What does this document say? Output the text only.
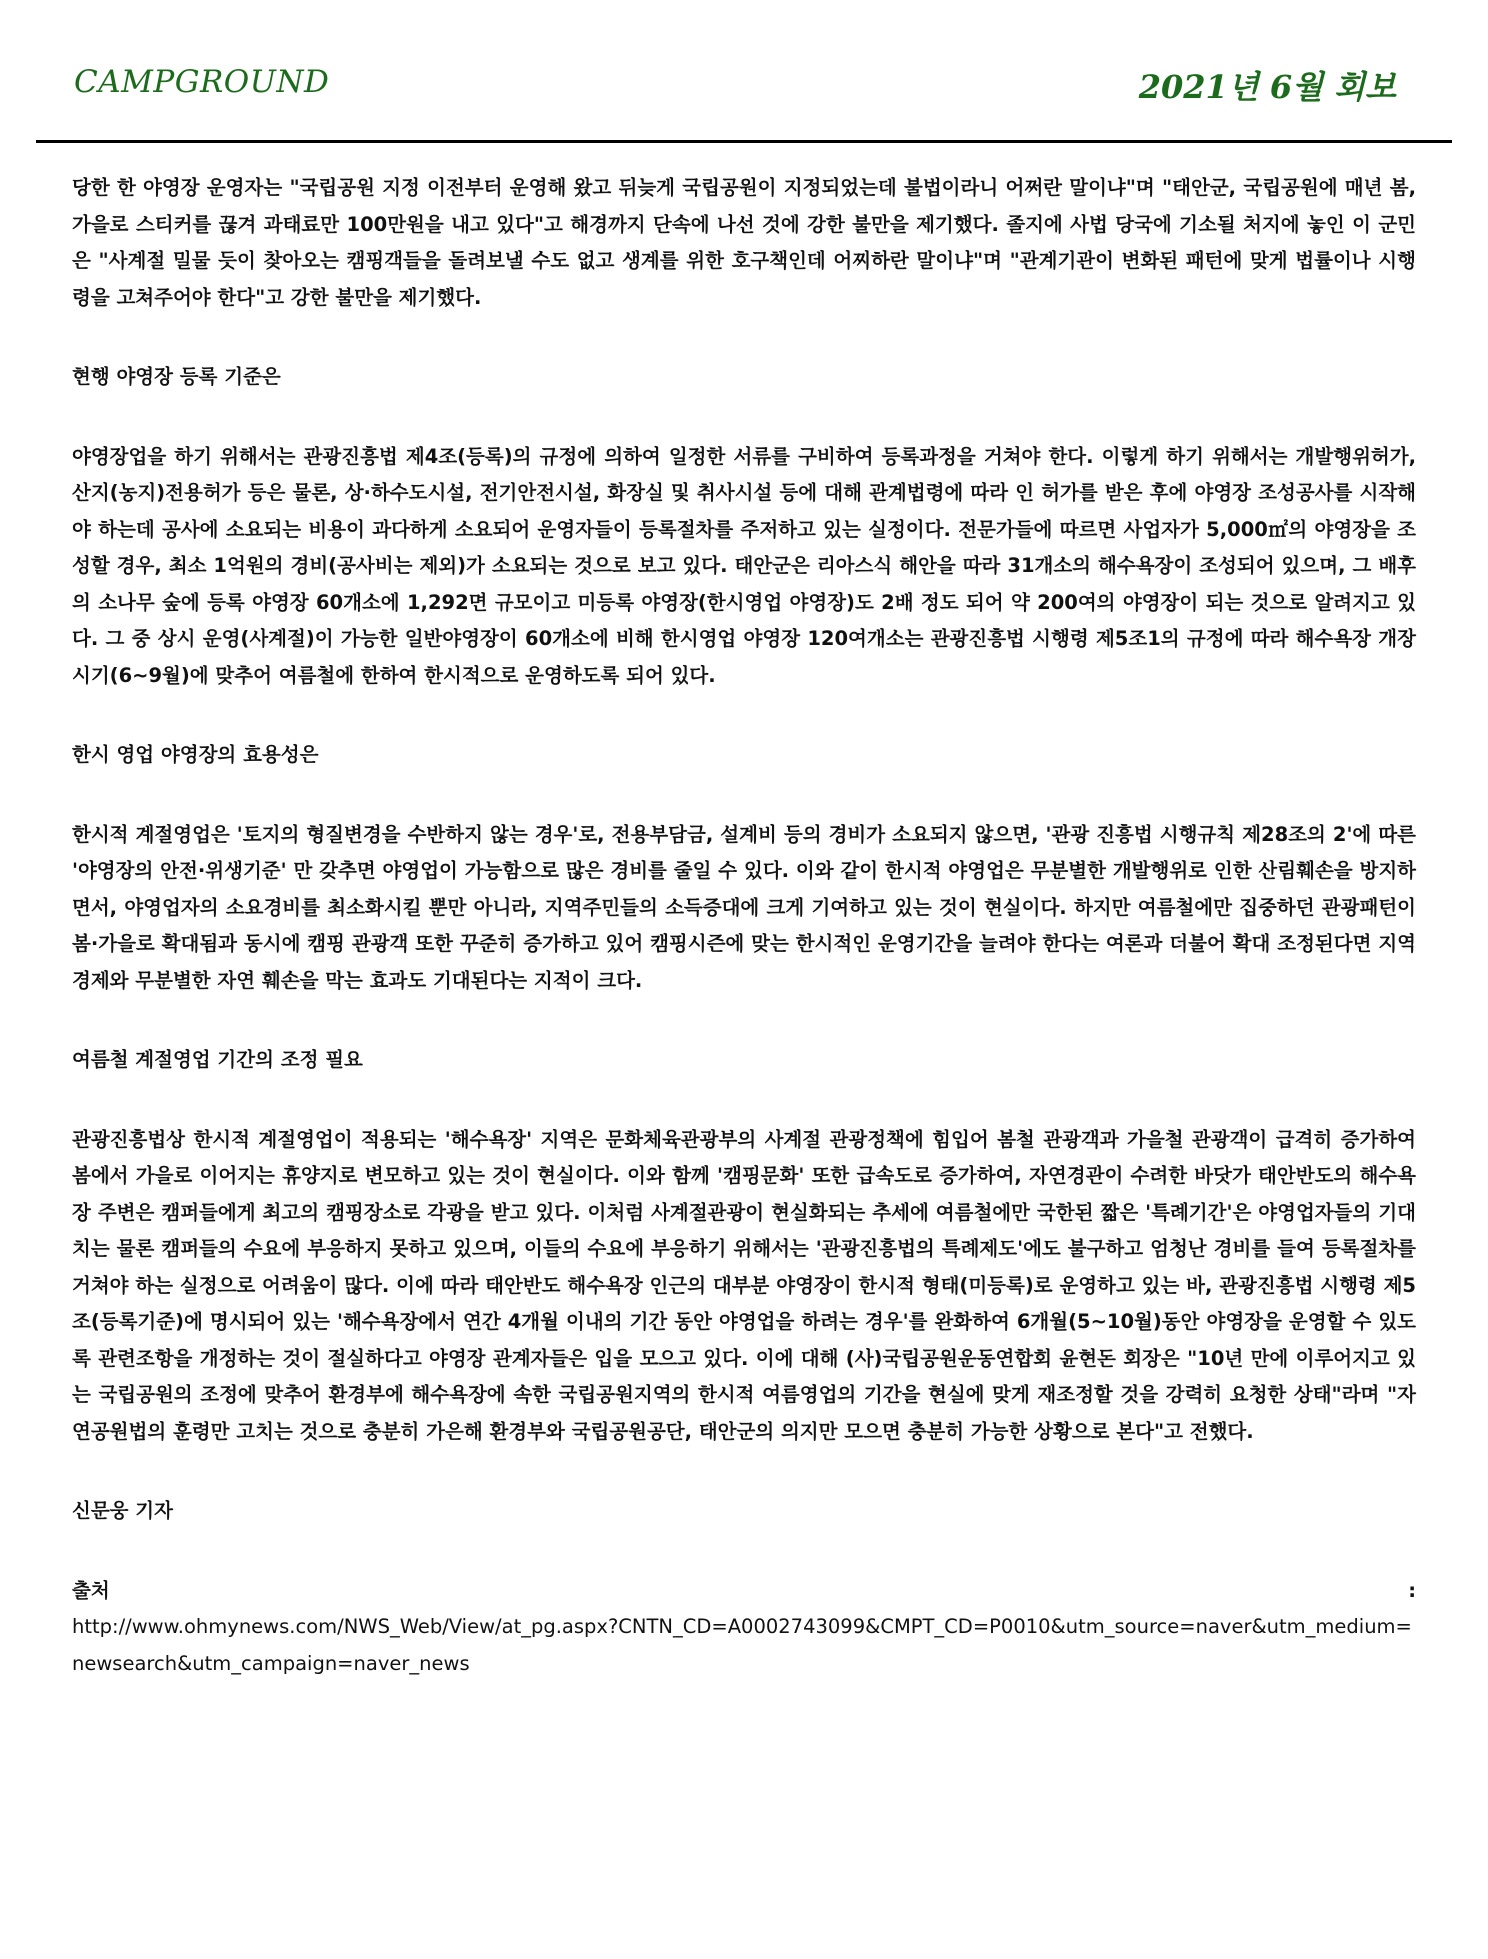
CAMPGROUND	2021년 6월 회보

당한 한 야영장 운영자는 "국립공원 지정 이전부터 운영해 왔고 뒤늦게 국립공원이 지정되었는데 불법이라니 어쩌란 말이냐"며 "태안군, 국립공원에 매년 봄, 가을로 스티커를 끊겨 과태료만 100만원을 내고 있다"고 해경까지 단속에 나선 것에 강한 불만을 제기했다. 졸지에 사법 당국에 기소될 처지에 놓인 이 군민은 "사계절 밀물 듯이 찾아오는 캠핑객들을 돌려보낼 수도 없고 생계를 위한 호구책인데 어찌하란 말이냐"며 "관계기관이 변화된 패턴에 맞게 법률이나 시행령을 고쳐주어야 한다"고 강한 불만을 제기했다.

현행 야영장 등록 기준은

야영장업을 하기 위해서는 관광진흥법 제4조(등록)의 규정에 의하여 일정한 서류를 구비하여 등록과정을 거쳐야 한다. 이렇게 하기 위해서는 개발행위허가, 산지(농지)전용허가 등은 물론, 상·하수도시설, 전기안전시설, 화장실 및 취사시설 등에 대해 관계법령에 따라 인 허가를 받은 후에 야영장 조성공사를 시작해야 하는데 공사에 소요되는 비용이 과다하게 소요되어 운영자들이 등록절차를 주저하고 있는 실정이다. 전문가들에 따르면 사업자가 5,000㎡의 야영장을 조성할 경우, 최소 1억원의 경비(공사비는 제외)가 소요되는 것으로 보고 있다. 태안군은 리아스식 해안을 따라 31개소의 해수욕장이 조성되어 있으며, 그 배후의 소나무 숲에 등록 야영장 60개소에 1,292면 규모이고 미등록 야영장(한시영업 야영장)도 2배 정도 되어 약 200여의 야영장이 되는 것으로 알려지고 있다. 그 중 상시 운영(사계절)이 가능한 일반야영장이 60개소에 비해 한시영업 야영장 120여개소는 관광진흥법 시행령 제5조1의 규정에 따라 해수욕장 개장시기(6~9월)에 맞추어 여름철에 한하여 한시적으로 운영하도록 되어 있다.

한시 영업 야영장의 효용성은

한시적 계절영업은 '토지의 형질변경을 수반하지 않는 경우'로, 전용부담금, 설계비 등의 경비가 소요되지 않으면, '관광 진흥법 시행규칙 제28조의 2'에 따른 '야영장의 안전·위생기준' 만 갖추면 야영업이 가능함으로 많은 경비를 줄일 수 있다. 이와 같이 한시적 야영업은 무분별한 개발행위로 인한 산림훼손을 방지하면서, 야영업자의 소요경비를 최소화시킬 뿐만 아니라, 지역주민들의 소득증대에 크게 기여하고 있는 것이 현실이다. 하지만 여름철에만 집중하던 관광패턴이 봄·가을로 확대됨과 동시에 캠핑 관광객 또한 꾸준히 증가하고 있어 캠핑시즌에 맞는 한시적인 운영기간을 늘려야 한다는 여론과 더불어 확대 조정된다면 지역 경제와 무분별한 자연 훼손을 막는 효과도 기대된다는 지적이 크다.

여름철 계절영업 기간의 조정 필요

관광진흥법상 한시적 계절영업이 적용되는 '해수욕장' 지역은 문화체육관광부의 사계절 관광정책에 힘입어 봄철 관광객과 가을철 관광객이 급격히 증가하여 봄에서 가을로 이어지는 휴양지로 변모하고 있는 것이 현실이다. 이와 함께 '캠핑문화' 또한 급속도로 증가하여, 자연경관이 수려한 바닷가 태안반도의 해수욕장 주변은 캠퍼들에게 최고의 캠핑장소로 각광을 받고 있다. 이처럼 사계절관광이 현실화되는 추세에 여름철에만 국한된 짧은 '특례기간'은 야영업자들의 기대치는 물론 캠퍼들의 수요에 부응하지 못하고 있으며, 이들의 수요에 부응하기 위해서는 '관광진흥법의 특례제도'에도 불구하고 엄청난 경비를 들여 등록절차를 거쳐야 하는 실정으로 어려움이 많다. 이에 따라 태안반도 해수욕장 인근의 대부분 야영장이 한시적 형태(미등록)로 운영하고 있는 바, 관광진흥법 시행령 제5조(등록기준)에 명시되어 있는 '해수욕장에서 연간 4개월 이내의 기간 동안 야영업을 하려는 경우'를 완화하여 6개월(5~10월)동안 야영장을 운영할 수 있도록 관련조항을 개정하는 것이 절실하다고 야영장 관계자들은 입을 모으고 있다. 이에 대해 (사)국립공원운동연합회 윤현돈 회장은 "10년 만에 이루어지고 있는 국립공원의 조정에 맞추어 환경부에 해수욕장에 속한 국립공원지역의 한시적 여름영업의 기간을 현실에 맞게 재조정할 것을 강력히 요청한 상태"라며 "자연공원법의 훈령만 고치는 것으로 충분히 가은해 환경부와 국립공원공단, 태안군의 의지만 모으면 충분히 가능한 상황으로 본다"고 전했다.

신문웅 기자

출처	:

http://www.ohmynews.com/NWS_Web/View/at_pg.aspx?CNTN_CD=A0002743099&CMPT_CD=P0010&utm_source=naver&utm_medium=newsearch&utm_campaign=naver_news
